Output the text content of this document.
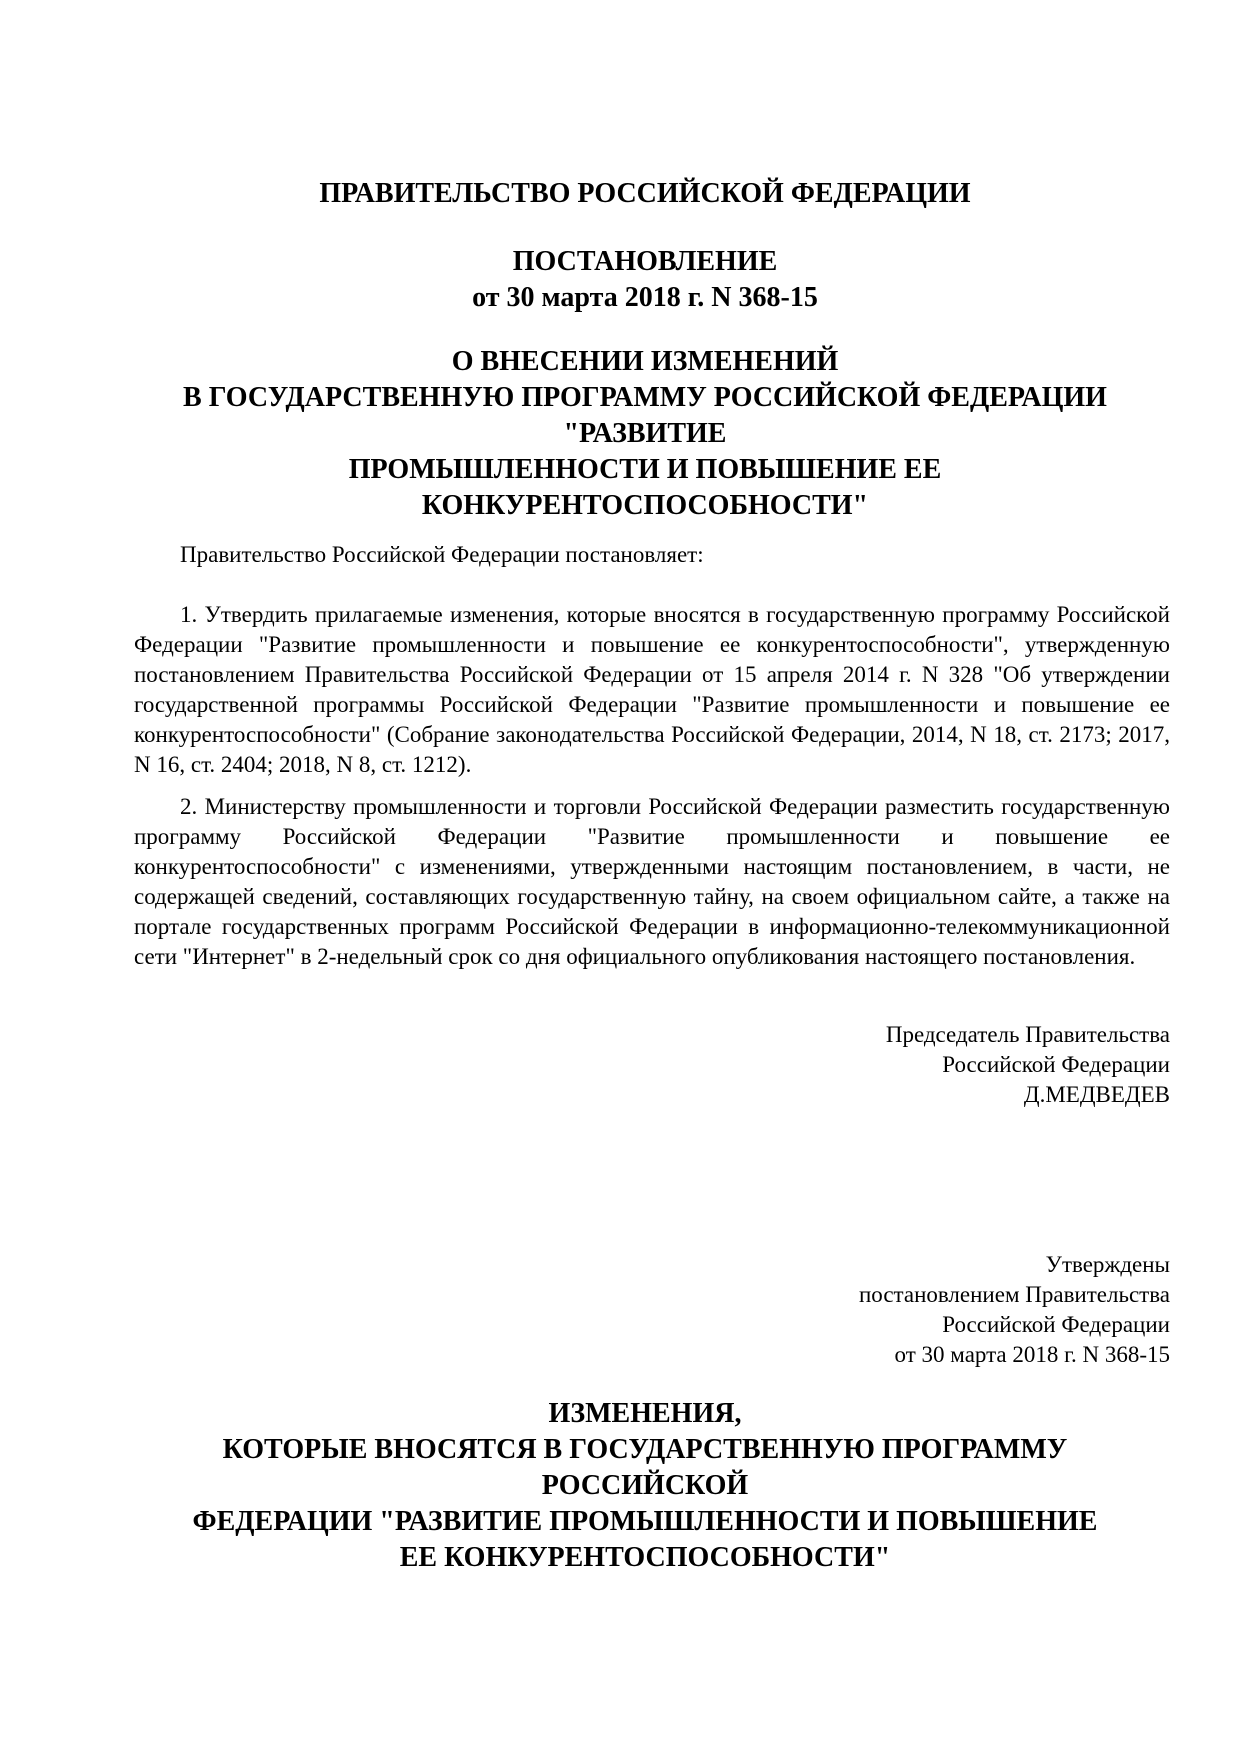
ПРАВИТЕЛЬСТВО РОССИЙСКОЙ ФЕДЕРАЦИИ
ПОСТАНОВЛЕНИЕ
от 30 марта 2018 г. N 368-15
О ВНЕСЕНИИ ИЗМЕНЕНИЙ
В ГОСУДАРСТВЕННУЮ ПРОГРАММУ РОССИЙСКОЙ ФЕДЕРАЦИИ
"РАЗВИТИЕ
ПРОМЫШЛЕННОСТИ И ПОВЫШЕНИЕ ЕЕ
КОНКУРЕНТОСПОСОБНОСТИ"

Правительство Российской Федерации постановляет:

1. Утвердить прилагаемые изменения, которые вносятся в государственную программу Российской Федерации "Развитие промышленности и повышение ее конкурентоспособности", утвержденную постановлением Правительства Российской Федерации от 15 апреля 2014 г. N 328 "Об утверждении государственной программы Российской Федерации "Развитие промышленности и повышение ее конкурентоспособности" (Собрание законодательства Российской Федерации, 2014, N 18, ст. 2173; 2017, N 16, ст. 2404; 2018, N 8, ст. 1212).

2. Министерству промышленности и торговли Российской Федерации разместить государственную программу Российской Федерации "Развитие промышленности и повышение ее конкурентоспособности" с изменениями, утвержденными настоящим постановлением, в части, не содержащей сведений, составляющих государственную тайну, на своем официальном сайте, а также на портале государственных программ Российской Федерации в информационно-телекоммуникационной сети "Интернет" в 2-недельный срок со дня официального опубликования настоящего постановления.

Председатель Правительства
Российской Федерации
Д.МЕДВЕДЕВ
Утверждены
постановлением Правительства
Российской Федерации
от 30 марта 2018 г. N 368-15
ИЗМЕНЕНИЯ,
КОТОРЫЕ ВНОСЯТСЯ В ГОСУДАРСТВЕННУЮ ПРОГРАММУ
РОССИЙСКОЙ
ФЕДЕРАЦИИ "РАЗВИТИЕ ПРОМЫШЛЕННОСТИ И ПОВЫШЕНИЕ
ЕЕ КОНКУРЕНТОСПОСОБНОСТИ"
